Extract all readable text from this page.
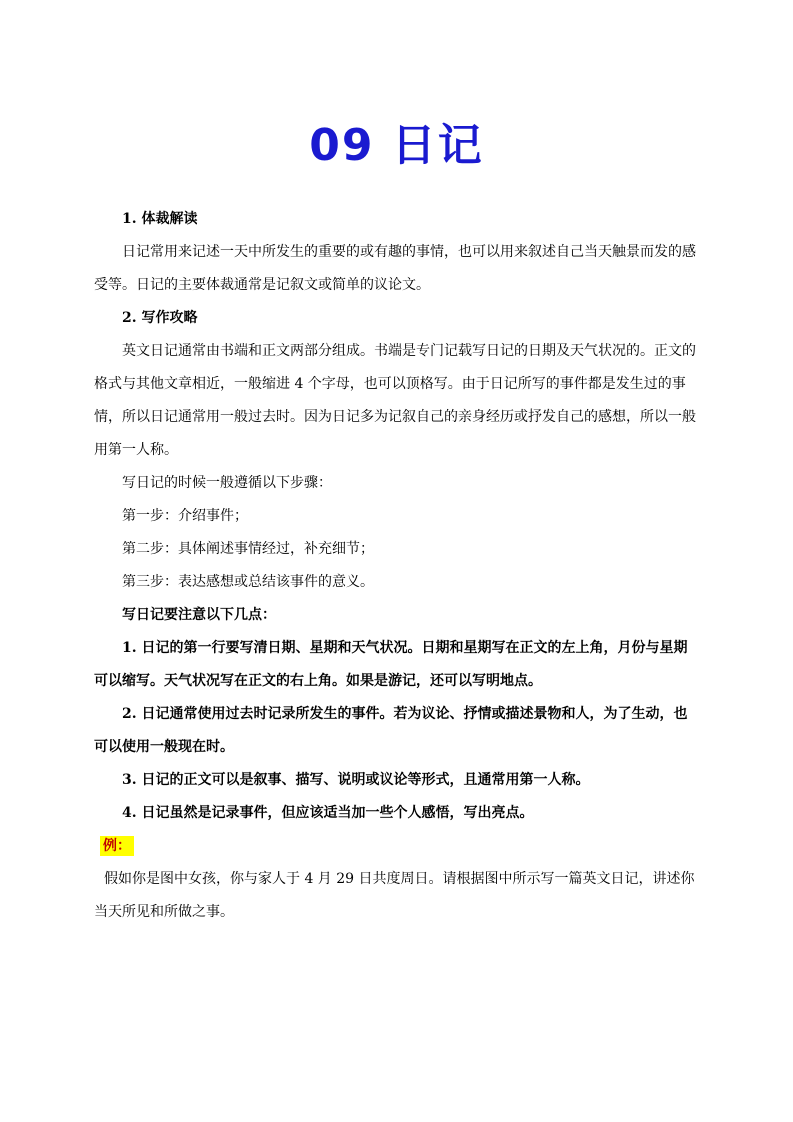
09 日记

1. 体裁解读

日记常用来记述一天中所发生的重要的或有趣的事情，也可以用来叙述自己当天触景而发的感受等。日记的主要体裁通常是记叙文或简单的议论文。

2. 写作攻略

英文日记通常由书端和正文两部分组成。书端是专门记载写日记的日期及天气状况的。正文的格式与其他文章相近，一般缩进 4 个字母，也可以顶格写。由于日记所写的事件都是发生过的事情，所以日记通常用一般过去时。因为日记多为记叙自己的亲身经历或抒发自己的感想，所以一般用第一人称。

写日记的时候一般遵循以下步骤：

第一步：介绍事件；

第二步：具体阐述事情经过，补充细节；

第三步：表达感想或总结该事件的意义。

写日记要注意以下几点：

1. 日记的第一行要写清日期、星期和天气状况。日期和星期写在正文的左上角，月份与星期可以缩写。天气状况写在正文的右上角。如果是游记，还可以写明地点。

2. 日记通常使用过去时记录所发生的事件。若为议论、抒情或描述景物和人，为了生动，也可以使用一般现在时。

3. 日记的正文可以是叙事、描写、说明或议论等形式，且通常用第一人称。

4. 日记虽然是记录事件，但应该适当加一些个人感悟，写出亮点。

例：

假如你是图中女孩，你与家人于 4 月 29 日共度周日。请根据图中所示写一篇英文日记，讲述你当天所见和所做之事。
